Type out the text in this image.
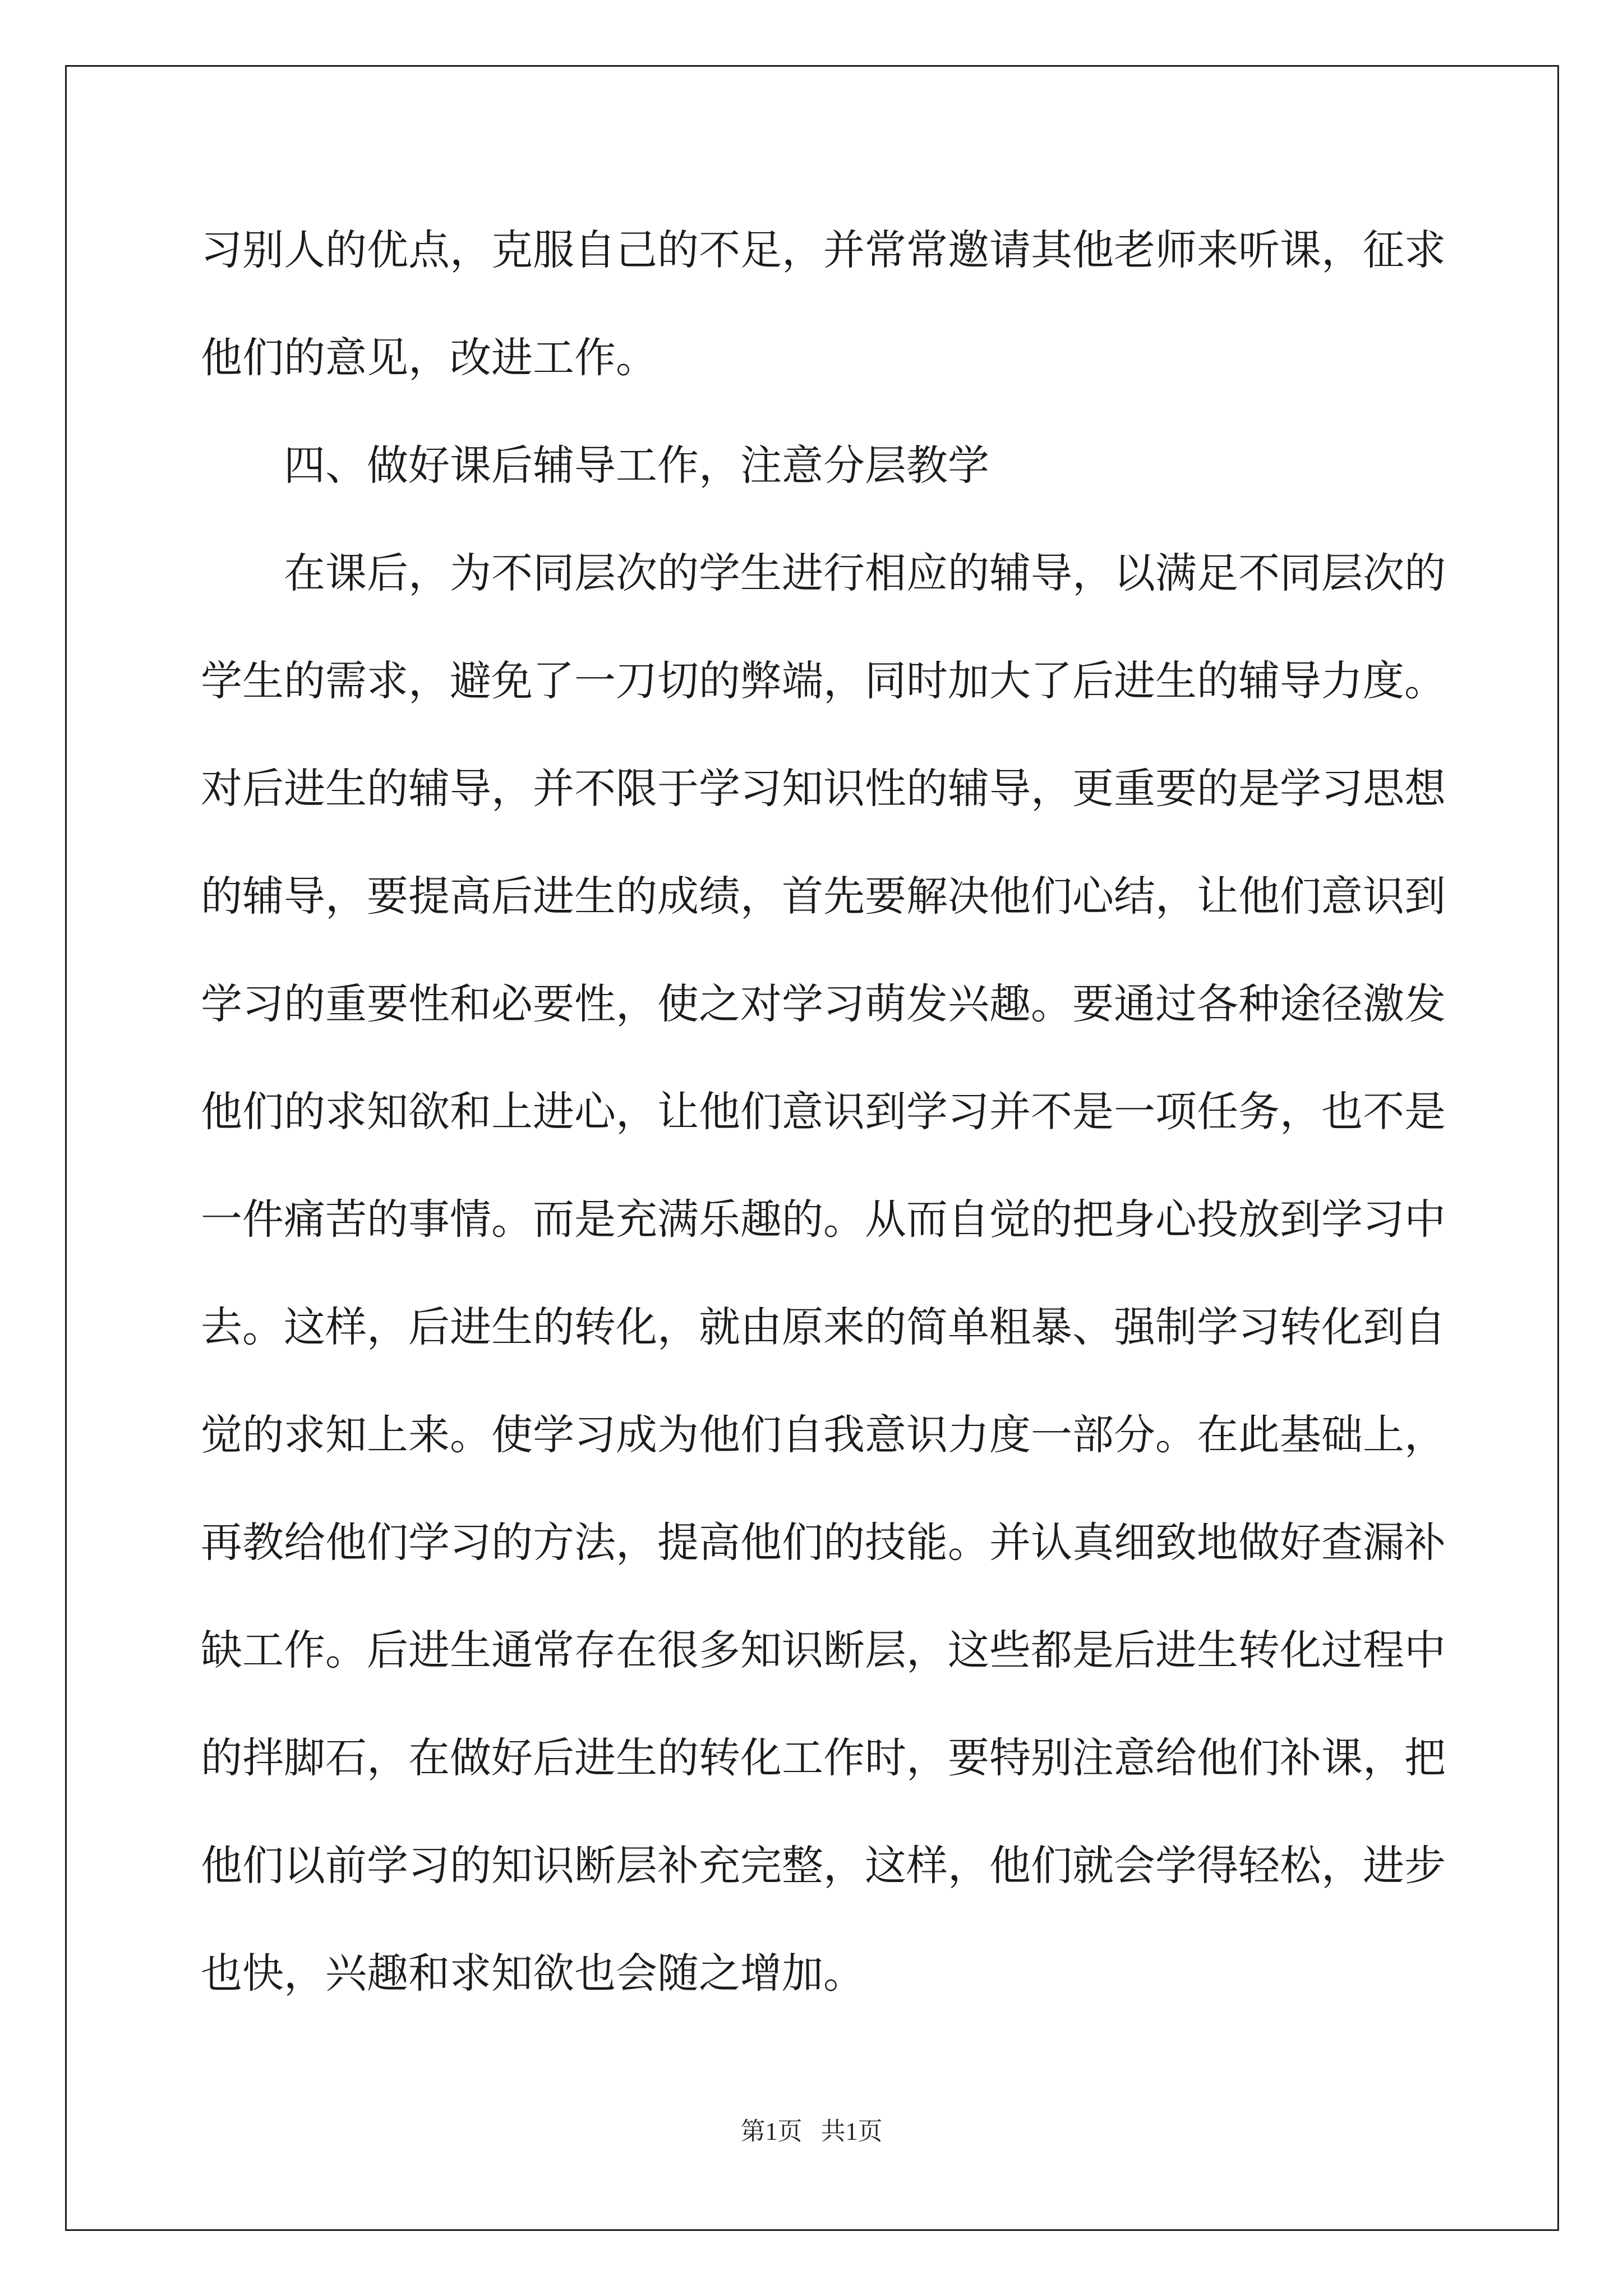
习别人的优点，克服自己的不足，并常常邀请其他老师来听课，征求
他们的意见，改进工作。
四、做好课后辅导工作，注意分层教学
在课后，为不同层次的学生进行相应的辅导，以满足不同层次的
学生的需求，避免了一刀切的弊端，同时加大了后进生的辅导力度。
对后进生的辅导，并不限于学习知识性的辅导，更重要的是学习思想
的辅导，要提高后进生的成绩，首先要解决他们心结，让他们意识到
学习的重要性和必要性，使之对学习萌发兴趣。要通过各种途径激发
他们的求知欲和上进心，让他们意识到学习并不是一项任务，也不是
一件痛苦的事情。而是充满乐趣的。从而自觉的把身心投放到学习中
去。这样，后进生的转化，就由原来的简单粗暴、强制学习转化到自
觉的求知上来。使学习成为他们自我意识力度一部分。在此基础上，
再教给他们学习的方法，提高他们的技能。并认真细致地做好查漏补
缺工作。后进生通常存在很多知识断层，这些都是后进生转化过程中
的拌脚石，在做好后进生的转化工作时，要特别注意给他们补课，把
他们以前学习的知识断层补充完整，这样，他们就会学得轻松，进步
也快，兴趣和求知欲也会随之增加。
第1页 共1页
